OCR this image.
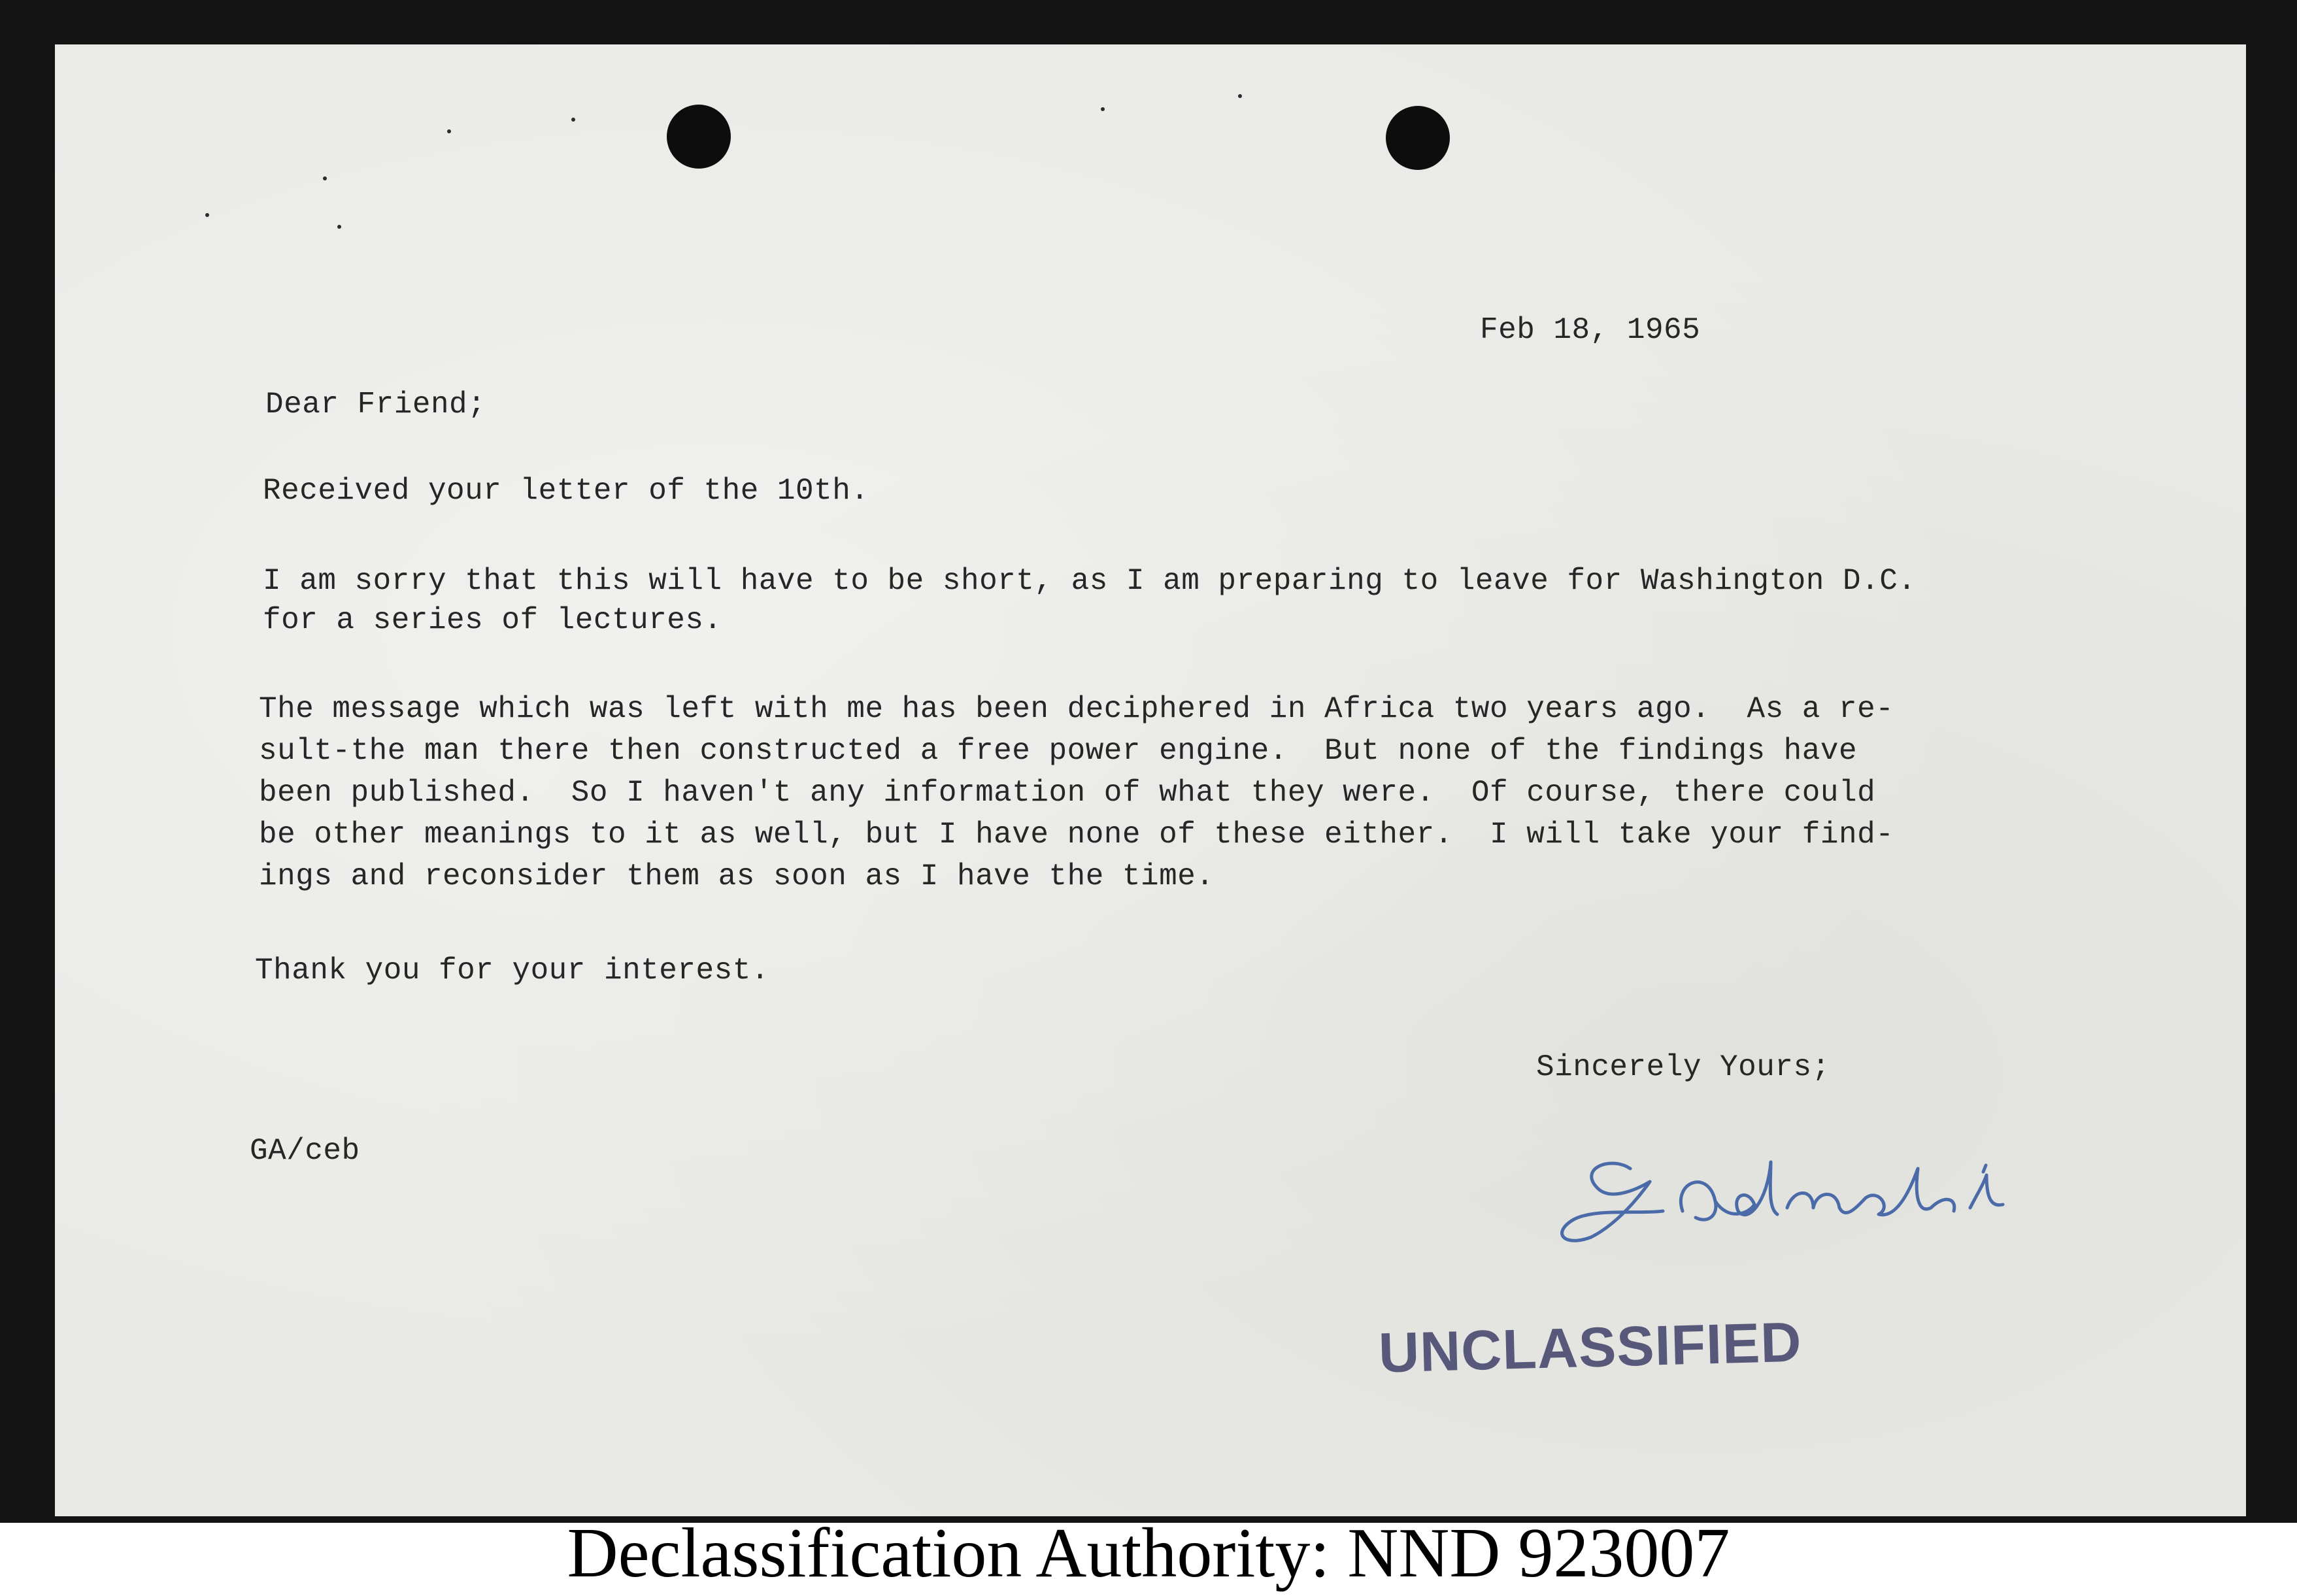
Feb 18, 1965
Dear Friend;
Received your letter of the 10th.
I am sorry that this will have to be short, as I am preparing to leave for Washington D.C.
for a series of lectures.
The message which was left with me has been deciphered in Africa two years ago.  As a re-
sult-the man there then constructed a free power engine.  But none of the findings have
been published.  So I haven't any information of what they were.  Of course, there could
be other meanings to it as well, but I have none of these either.  I will take your find-
ings and reconsider them as soon as I have the time.
Thank you for your interest.
Sincerely Yours;
GA/ceb
UNCLASSIFIED
Declassification Authority: NND 923007
